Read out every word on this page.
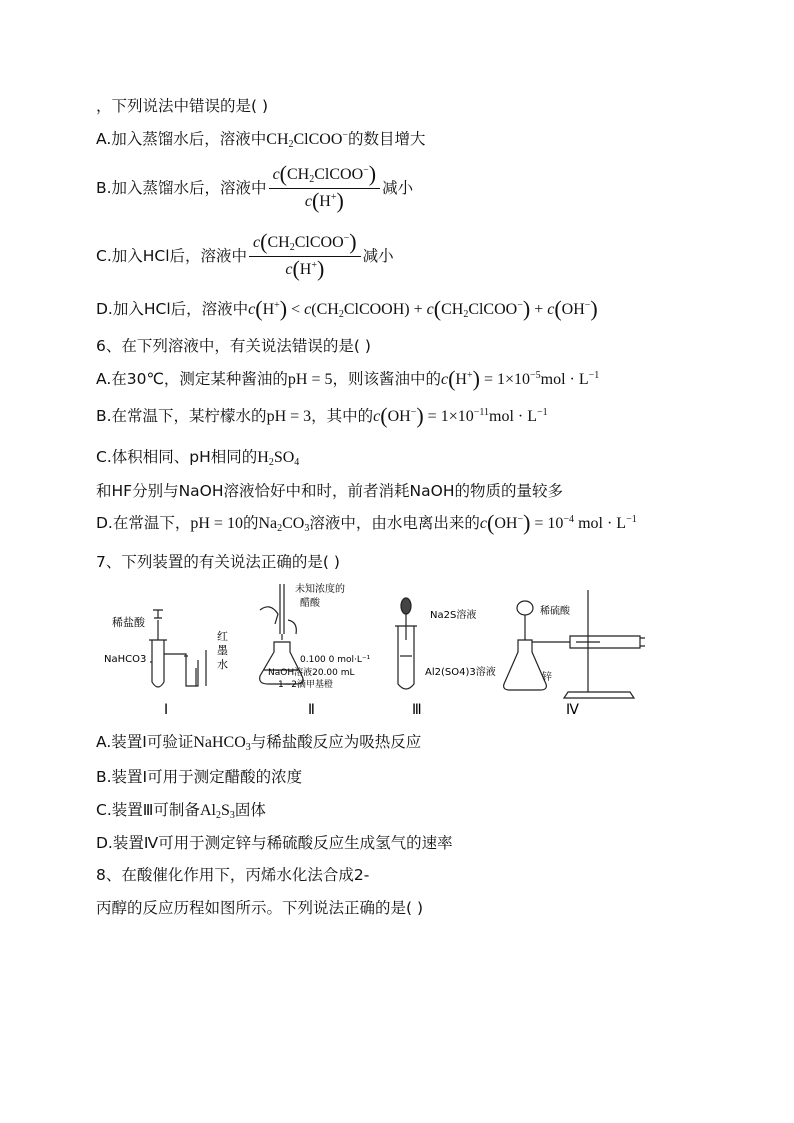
，下列说法中错误的是( )
A.加入蒸馏水后，溶液中$CH_2ClCOO^-$的数目增大
B.加入蒸馏水后，溶液中 $\frac{c(CH_2ClCOO^-)}{c(H^+)}$ 减小
C.加入HCl后，溶液中 $\frac{c(CH_2ClCOO^-)}{c(H^+)}$ 减小
D.加入HCl后，溶液中$c(H^+) < c(CH_2ClCOOH)$ + $c(CH_2ClCOO^-) + c(OH^-)$
6、在下列溶液中，有关说法错误的是( )
A.在30℃，测定某种酱油的pH = 5，则该酱油中的$c(H^+) = 1\times 10^{-5}mol \cdot L^{-1}$
B.在常温下，某柠檬水的pH = 3，其中的$c(OH^-) = 1\times 10^{-11}mol \cdot L^{-1}$
C.体积相同、pH相同的$H_2SO_4$
和HF分别与NaOH溶液恰好中和时，前者消耗NaOH的物质的量较多
D.在常温下，pH = 10的$Na_2CO_3$溶液中，由水电离出来的$c(OH^-) = 10^{-4}$ mol · $L^{-1}$
7、下列装置的有关说法正确的是( )
稀盐酸
NaHCO3
红
墨
水
Ⅰ
未知浓度的
醋酸
0.100 0 mol·L⁻¹
NaOH溶液20.00 mL
1~2滴甲基橙
Ⅱ
Na2S溶液
Al2(SO4)3溶液
Ⅲ
稀硫酸
锌
Ⅳ
A.装置Ⅰ可验证NaHCO$_3$与稀盐酸反应为吸热反应
B.装置Ⅰ可用于测定醋酸的浓度
C.装置Ⅲ可制备$Al_2S_3$固体
D.装置Ⅳ可用于测定锌与稀硫酸反应生成氢气的速率
8、在酸催化作用下，丙烯水化法合成2-
丙醇的反应历程如图所示。下列说法正确的是( )
